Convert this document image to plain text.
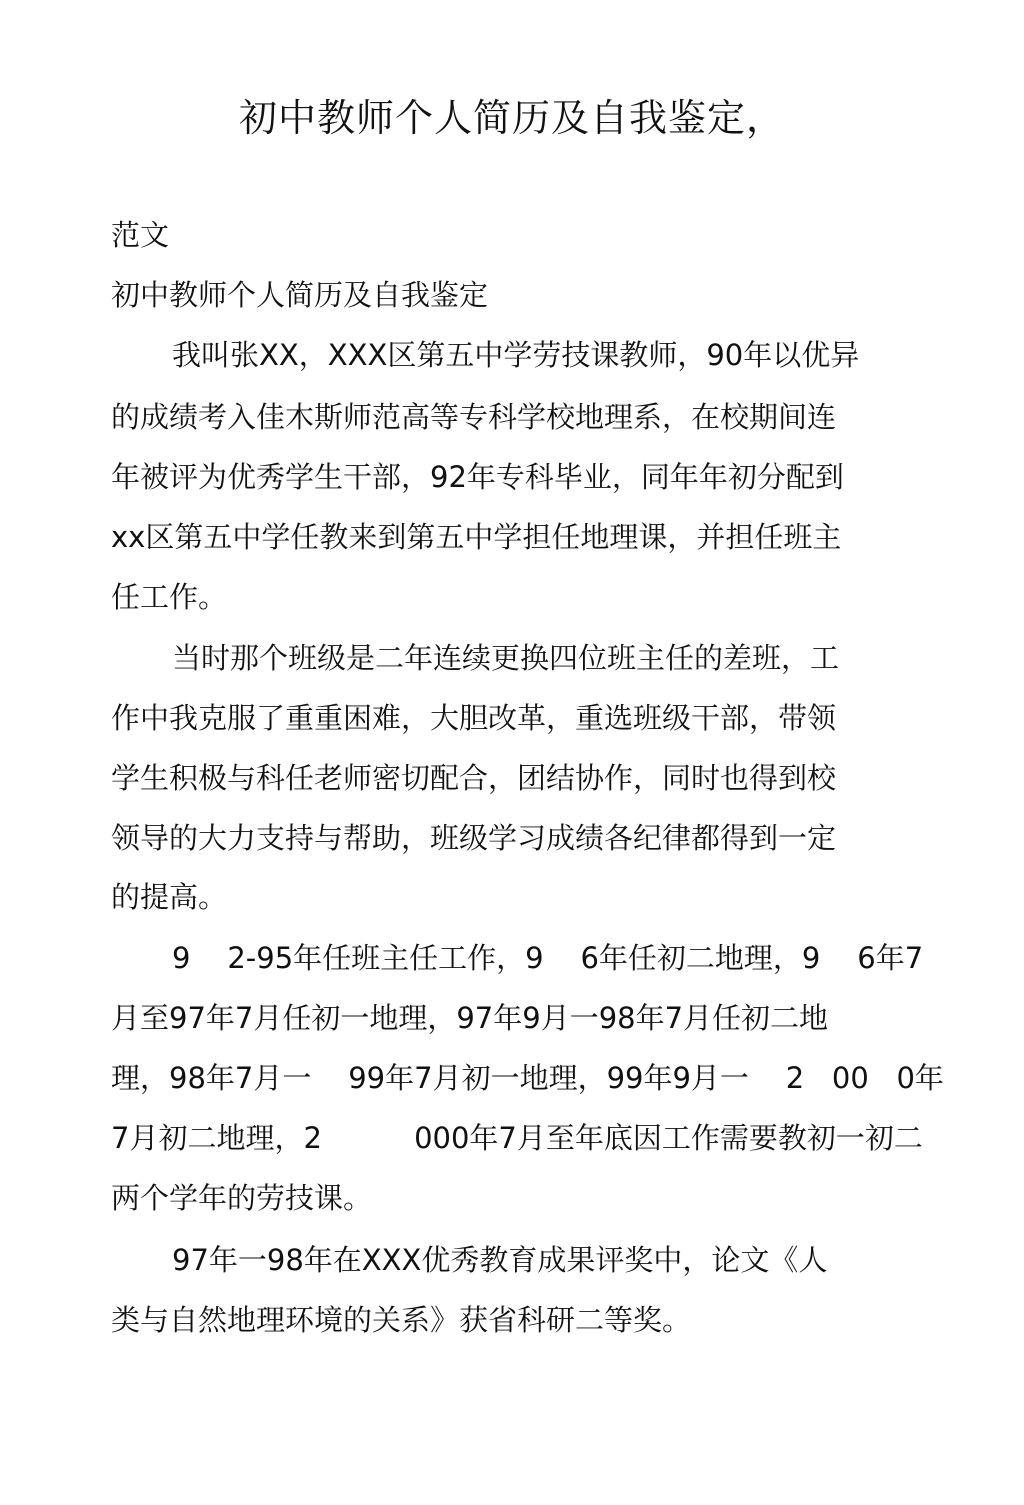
初中教师个人简历及自我鉴定，

范文

初中教师个人简历及自我鉴定

我叫张XX，XXX区第五中学劳技课教师，90年以优异

的成绩考入佳木斯师范高等专科学校地理系，在校期间连

年被评为优秀学生干部，92年专科毕业，同年年初分配到

xx区第五中学任教来到第五中学担任地理课，并担任班主

任工作。

当时那个班级是二年连续更换四位班主任的差班，工

作中我克服了重重困难，大胆改革，重选班级干部，带领

学生积极与科任老师密切配合，团结协作，同时也得到校

领导的大力支持与帮助，班级学习成绩各纪律都得到一定

的提高。

9    2-95年任班主任工作，9    6年任初二地理，9    6年7

月至97年7月任初一地理，97年9月一98年7月任初二地

理，98年7月一    99年7月初一地理，99年9月一    2   00   0年

7月初二地理，2          000年7月至年底因工作需要教初一初二

两个学年的劳技课。

97年一98年在XXX优秀教育成果评奖中，论文《人

类与自然地理环境的关系》获省科研二等奖。
